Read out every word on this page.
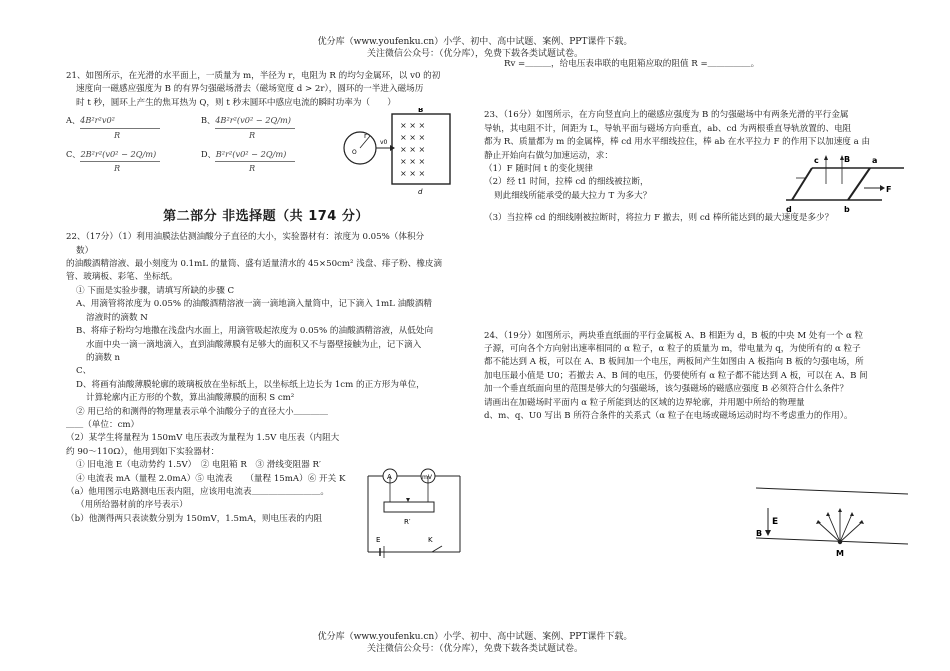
优分库（www.youfenku.cn）小学、初中、高中试题、案例、PPT课件下载。
关注微信公众号：（优分库），免费下载各类试题试卷。

21、如图所示，在光滑的水平面上，一质量为 m，半径为 r，电阻为 R 的均匀金属环，以 v0 的初

速度向一磁感应强度为 B 的有界匀强磁场滑去（磁场宽度 d > 2r），圆环的一半进入磁场历

时 t 秒，圆环上产生的焦耳热为 Q，则 t 秒末圆环中感应电流的瞬时功率为（　　）

A、 4B²r²v0²
R
B、 4B²r²(v0² − 2Q/m)
R
C、 2B²r²(v0² − 2Q/m)
R
D、 B²r²(v0² − 2Q/m)
R
第二部分 非选择题（共 174 分）

22、（17分）（1）利用油膜法估测油酸分子直径的大小，实验器材有：浓度为 0.05%（体积分

数）

的油酸酒精溶液、最小刻度为 0.1mL 的量筒、盛有适量清水的 45×50cm² 浅盘、痱子粉、橡皮滴

管、玻璃板、彩笔、坐标纸。

① 下面是实验步骤，请填写所缺的步骤 C

A、用滴管将浓度为 0.05% 的油酸酒精溶液一滴一滴地滴入量筒中，记下滴入 1mL 油酸酒精

溶液时的滴数 N

B、将痱子粉均匀地撒在浅盘内水面上，用滴管吸起浓度为 0.05% 的油酸酒精溶液，从低处向

水面中央一滴一滴地滴入，直到油酸薄膜有足够大的面积又不与器壁接触为止，记下滴入

的滴数 n

C、

D、将画有油酸薄膜轮廓的玻璃板放在坐标纸上，以坐标纸上边长为 1cm 的正方形为单位，

计算轮廓内正方形的个数，算出油酸薄膜的面积 S cm²

② 用已给的和测得的物理量表示单个油酸分子的直径大小＿＿＿＿

＿＿（单位：cm）

（2）某学生将量程为 150mV 电压表改为量程为 1.5V 电压表（内阻大

约 90～110Ω），他用到如下实验器材：

① 旧电池 E（电动势约 1.5V）　② 电阻箱 R　③ 滑线变阻器 R′

④ 电流表 mA（量程 2.0mA）⑤ 电流表　　（量程 15mA）⑥ 开关 K

（a）他用图示电路测电压表内阻，应该用电流表＿＿＿＿＿＿＿＿。

（用所给器材前的序号表示）

（b）他测得两只表读数分别为 150mV，1.5mA，则电压表的内阻

× × ×
× × ×
× × ×
× × ×
× × ×
B
r
v0
O
d
A	mV
R′
E	K

Rv =＿＿＿，给电压表串联的电阻箱应取的阻值 R =＿＿＿＿＿。

23、（16分）如图所示，在方向竖直向上的磁感应强度为 B 的匀强磁场中有两条光滑的平行金属

导轨，其电阻不计，间距为 L，导轨平面与磁场方向垂直，ab、cd 为两根垂直导轨放置的、电阻

都为 R、质量都为 m 的金属棒，棒 cd 用水平细线拉住，棒 ab 在水平拉力 F 的作用下以加速度 a 由

静止开始向右做匀加速运动，求：

（1）F 随时间 t 的变化规律

（2）经 t1 时间，拉棒 cd 的细线被拉断，

则此细线所能承受的最大拉力 T 为多大？

（3）当拉棒 cd 的细线刚被拉断时，将拉力 F 撤去，则 cd 棒所能达到的最大速度是多少？

24、（19分）如图所示，两块垂直纸面的平行金属板 A、B 相距为 d，B 板的中央 M 处有一个 α 粒

子源，可向各个方向射出速率相同的 α 粒子，α 粒子的质量为 m，带电量为 q，为使所有的 α 粒子

都不能达到 A 板，可以在 A、B 板间加一个电压，两板间产生如图由 A 板指向 B 板的匀强电场，所

加电压最小值是 U0；若撤去 A、B 间的电压，仍要使所有 α 粒子都不能达到 A 板，可以在 A、B 间

加一个垂直纸面向里的范围是够大的匀强磁场，该匀强磁场的磁感应强度 B 必须符合什么条件？

请画出在加磁场时平面内 α 粒子所能到达的区域的边界轮廓，并用题中所给的物理量

d、m、q、U0 写出 B 所符合条件的关系式（α 粒子在电场或磁场运动时均不考虑重力的作用）。

c	B	a
F
d	b
B
E
M
优分库（www.youfenku.cn）小学、初中、高中试题、案例、PPT课件下载。
关注微信公众号：（优分库），免费下载各类试题试卷。
